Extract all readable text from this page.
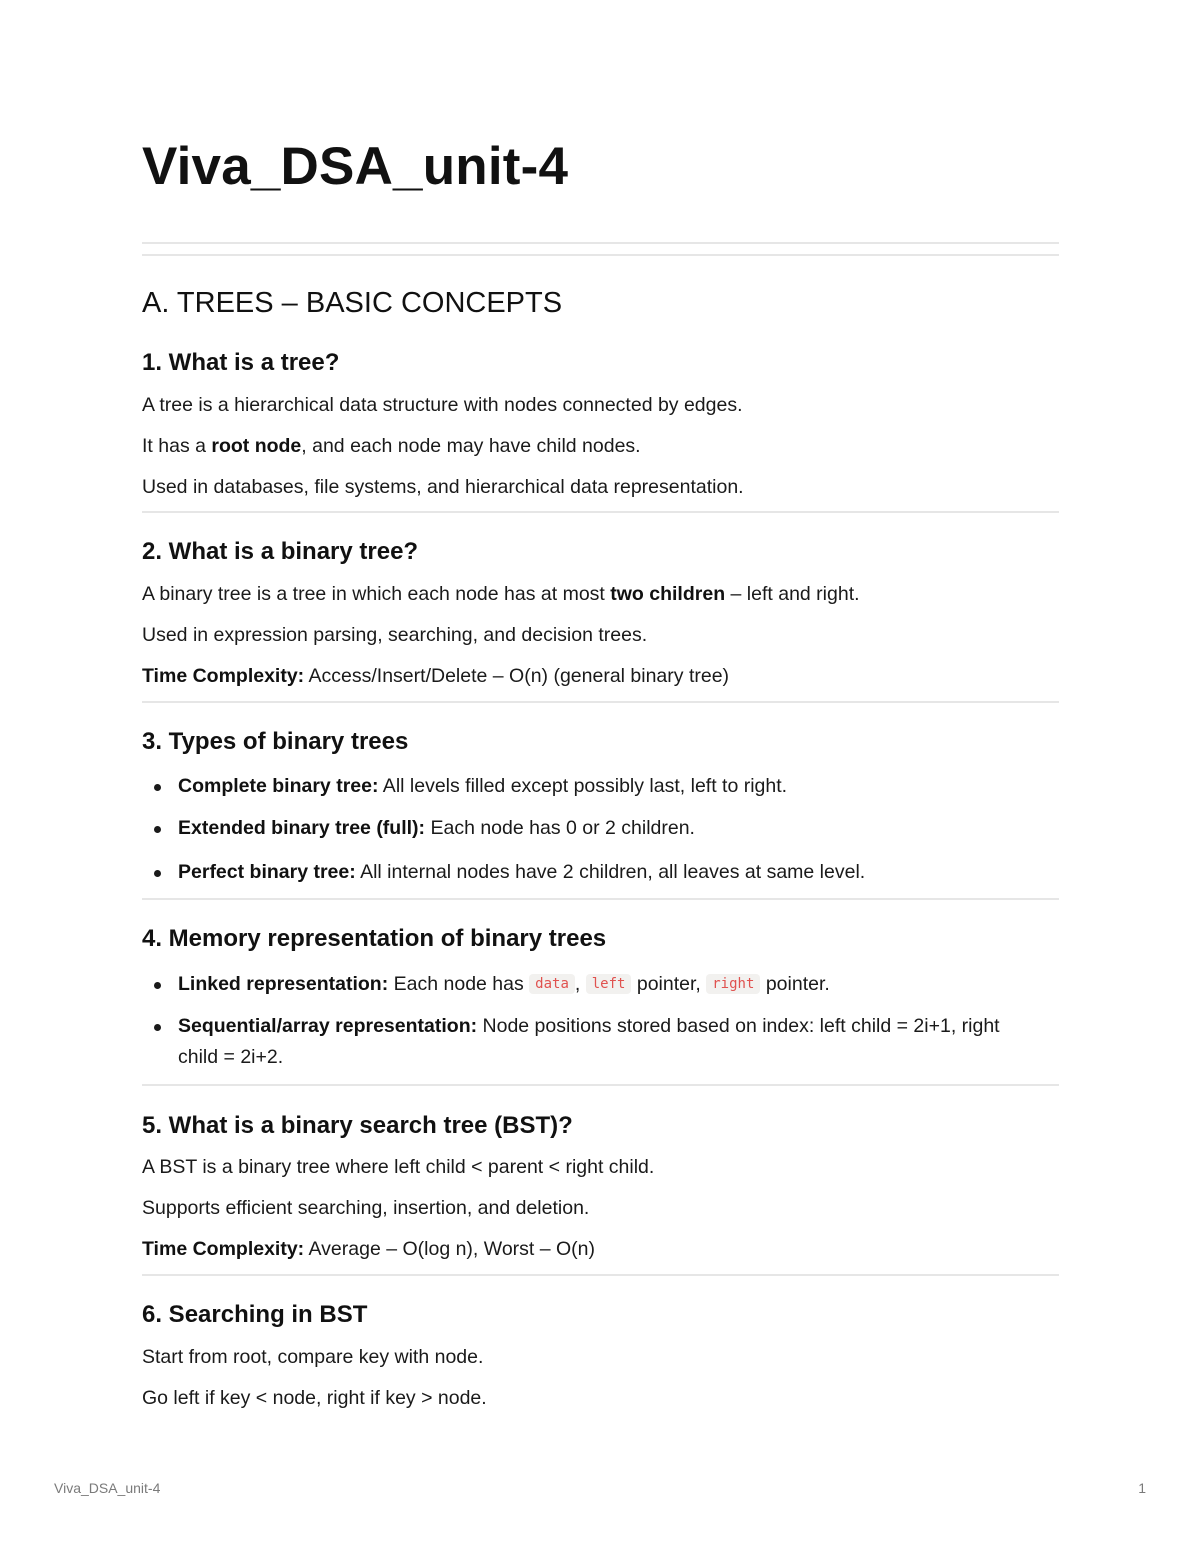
Viva_DSA_unit-4
A. TREES – BASIC CONCEPTS
1. What is a tree?

A tree is a hierarchical data structure with nodes connected by edges.

It has a root node, and each node may have child nodes.

Used in databases, file systems, and hierarchical data representation.

2. What is a binary tree?

A binary tree is a tree in which each node has at most two children – left and right.

Used in expression parsing, searching, and decision trees.

Time Complexity: Access/Insert/Delete – O(n) (general binary tree)

3. Types of binary trees
Complete binary tree: All levels filled except possibly last, left to right.
Extended binary tree (full): Each node has 0 or 2 children.
Perfect binary tree: All internal nodes have 2 children, all leaves at same level.
4. Memory representation of binary trees
Linked representation: Each node has data , left pointer, right pointer.
Sequential/array representation: Node positions stored based on index: left child = 2i+1, right child = 2i+2.
5. What is a binary search tree (BST)?

A BST is a binary tree where left child < parent < right child.

Supports efficient searching, insertion, and deletion.

Time Complexity: Average – O(log n), Worst – O(n)

6. Searching in BST

Start from root, compare key with node.

Go left if key < node, right if key > node.

Viva_DSA_unit-4	1
